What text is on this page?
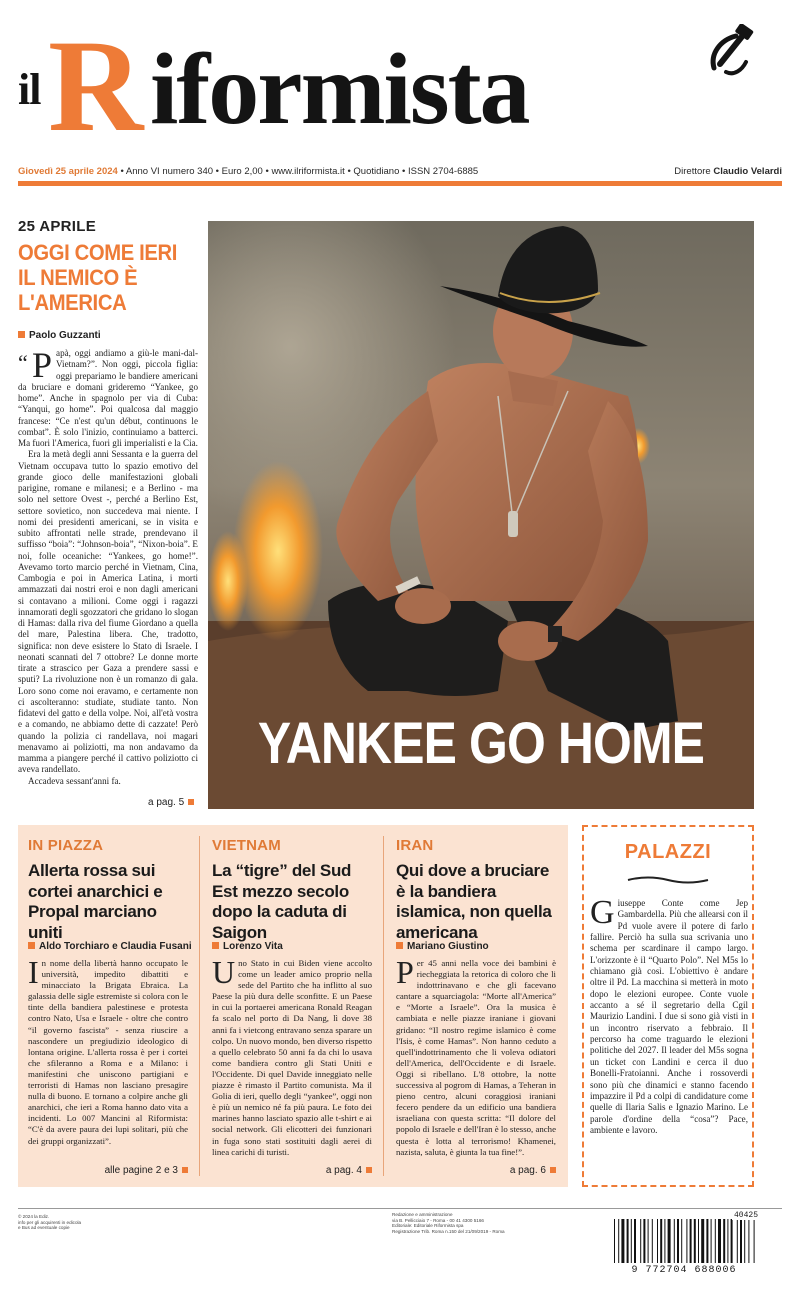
il R iformista
Giovedì 25 aprile 2024 • Anno VI numero 340 • Euro 2,00 • www.ilriformista.it • Quotidiano • ISSN 2704-6885	Direttore Claudio Velardi
25 APRILE
OGGI COME IERI IL NEMICO È L'AMERICA
Paolo Guzzanti

“ P apà, oggi andiamo a giù-le mani-dal-Vietnam?”. Non oggi, piccola figlia: oggi prepariamo le bandiere americani da bruciare e domani grideremo “Yankee, go home”. Anche in spagnolo per via di Cuba: “Yanqui, go home”. Poi qualcosa dal maggio francese: “Ce n'est qu'un début, continuons le combat”. È solo l'inizio, continuiamo a batterci. Ma fuori l'America, fuori gli imperialisti e la Cia.

Era la metà degli anni Sessanta e la guerra del Vietnam occupava tutto lo spazio emotivo del grande gioco delle manifestazioni globali parigine, romane e milanesi; e a Berlino - ma solo nel settore Ovest -, perché a Berlino Est, settore sovietico, non succedeva mai niente. I nomi dei presidenti americani, se in visita e subito affrontati nelle strade, prendevano il suffisso “boia”: “Johnson-boia”, “Nixon-boia”. E noi, folle oceaniche: “Yankees, go home!”. Avevamo torto marcio perché in Vietnam, Cina, Cambogia e poi in America Latina, i morti ammazzati dai nostri eroi e non dagli americani si contavano a milioni. Come oggi i ragazzi innamorati degli sgozzatori che gridano lo slogan di Hamas: dalla riva del fiume Giordano a quella del mare, Palestina libera. Che, tradotto, significa: non deve esistere lo Stato di Israele. I neonati scannati del 7 ottobre? Le donne morte tirate a strascico per Gaza a prendere sassi e sputi? La rivoluzione non è un romanzo di gala. Loro sono come noi eravamo, e certamente non ci ascolteranno: studiate, studiate tanto. Non fidatevi del gatto e della volpe. Noi, all'età vostra e a comando, ne abbiamo dette di cazzate! Però quando la polizia ci randellava, noi magari menavamo ai poliziotti, ma non andavamo da mamma a piangere perché il cattivo poliziotto ci aveva randellato.

Accadeva sessant'anni fa.

a pag. 5
YANKEE GO HOME
IN PIAZZA
Allerta rossa sui cortei anarchici e Propal marciano uniti
Aldo Torchiaro e Claudia Fusani
In nome della libertà hanno occupato le università, impedito dibattiti e minacciato la Brigata Ebraica. La galassia delle sigle estremiste si colora con le tinte della bandiera palestinese e protesta contro Nato, Usa e Israele - oltre che contro “il governo fascista” - senza riuscire a nascondere un pregiudizio ideologico di lontana origine. L'allerta rossa è per i cortei che sfileranno a Roma e a Milano: i manifestini che uniscono partigiani e terroristi di Hamas non lasciano presagire nulla di buono. E tornano a colpire anche gli anarchici, che ieri a Roma hanno dato vita a incidenti. Lo 007 Mancini al Riformista: “C'è da avere paura dei lupi solitari, più che dei gruppi organizzati”.
alle pagine 2 e 3
VIETNAM
La “tigre” del Sud Est mezzo secolo dopo la caduta di Saigon
Lorenzo Vita
Uno Stato in cui Biden viene accolto come un leader amico proprio nella sede del Partito che ha inflitto al suo Paese la più dura delle sconfitte. E un Paese in cui la portaerei americana Ronald Reagan fa scalo nel porto di Da Nang, lì dove 38 anni fa i vietcong entravano senza sparare un colpo. Un nuovo mondo, ben diverso rispetto a quello celebrato 50 anni fa da chi lo usava come bandiera contro gli Stati Uniti e l'Occidente. Di quel Davide inneggiato nelle piazze è rimasto il Partito comunista. Ma il Golia di ieri, quello degli “yankee”, oggi non è più un nemico né fa più paura. Le foto dei marines hanno lasciato spazio alle t-shirt e ai social network. Gli elicotteri dei funzionari in fuga sono stati sostituiti dagli aerei di linea carichi di turisti.
a pag. 4
IRAN
Qui dove a bruciare è la bandiera islamica, non quella americana
Mariano Giustino
Per 45 anni nella voce dei bambini è riecheggiata la retorica di coloro che li indottrinavano e che gli facevano cantare a squarciagola: “Morte all'America” e “Morte a Israele”. Ora la musica è cambiata e nelle piazze iraniane i giovani gridano: “Il nostro regime islamico è come l'Isis, è come Hamas”. Non hanno ceduto a quell'indottrinamento che li voleva odiatori dell'America, dell'Occidente e di Israele. Oggi si ribellano. L'8 ottobre, la notte successiva al pogrom di Hamas, a Teheran in pieno centro, alcuni coraggiosi iraniani fecero pendere da un edificio una bandiera israeliana con questa scritta: “Il dolore del popolo di Israele e dell'Iran è lo stesso, anche questa è lotta al terrorismo! Khamenei, nazista, saluta, è giunta la tua fine!”.
a pag. 6
PALAZZI
Giuseppe Conte come Jep Gambardella. Più che allearsi con il Pd vuole avere il potere di farlo fallire. Perciò ha sulla sua scrivania uno schema per scardinare il campo largo. L'orizzonte è il “Quarto Polo”. Nel M5s lo chiamano già così. L'obiettivo è andare oltre il Pd. La macchina si metterà in moto dopo le elezioni europee. Conte vuole accanto a sé il segretario della Cgil Maurizio Landini. I due si sono già visti in un incontro riservato a febbraio. Il percorso ha come traguardo le elezioni politiche del 2027. Il leader del M5s sogna un ticket con Landini e cerca il duo Bonelli-Fratoianni. Anche i rossoverdi sono più che dinamici e stanno facendo impazzire il Pd a colpi di candidature come quelle di Ilaria Salis e Ignazio Marino. Le parole d'ordine della “cosa”? Pace, ambiente e lavoro.
© 2024 la Ediz.
info per gli acquirenti in edicola
e Bus ad eventuale copie
Redazione e amministrazione
via B. Pellicciaio 7 - Roma - 00 41 4300 5166
Editoriale: Editoriale Riformista spa
Registrazione Trib. Roma n.150 del 21/09/2019 - Roma
40425
9 772704 688006
